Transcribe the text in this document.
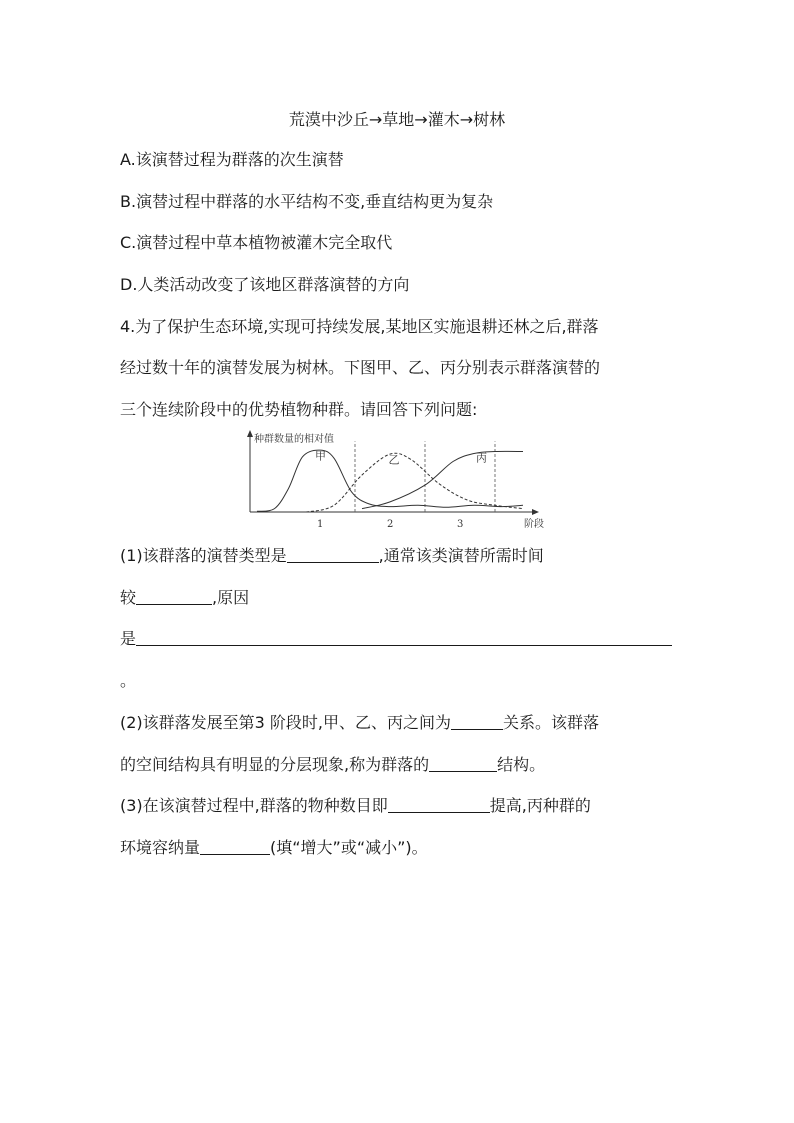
荒漠中沙丘→草地→灌木→树林
A.该演替过程为群落的次生演替
B.演替过程中群落的水平结构不变,垂直结构更为复杂
C.演替过程中草本植物被灌木完全取代
D.人类活动改变了该地区群落演替的方向
4.为了保护生态环境,实现可持续发展,某地区实施退耕还林之后,群落
经过数十年的演替发展为树林。下图甲、乙、丙分别表示群落演替的
三个连续阶段中的优势植物种群。请回答下列问题:
种群数量的相对值
阶段
1	2	3
甲	乙	丙
(1)该群落的演替类型是	,通常该类演替所需时间
较	,原因
是
。
(2)该群落发展至第3 阶段时,甲、乙、丙之间为	关系。该群落
的空间结构具有明显的分层现象,称为群落的	结构。
(3)在该演替过程中,群落的物种数目即	提高,丙种群的
环境容纳量	(填“增大”或“减小”)。
